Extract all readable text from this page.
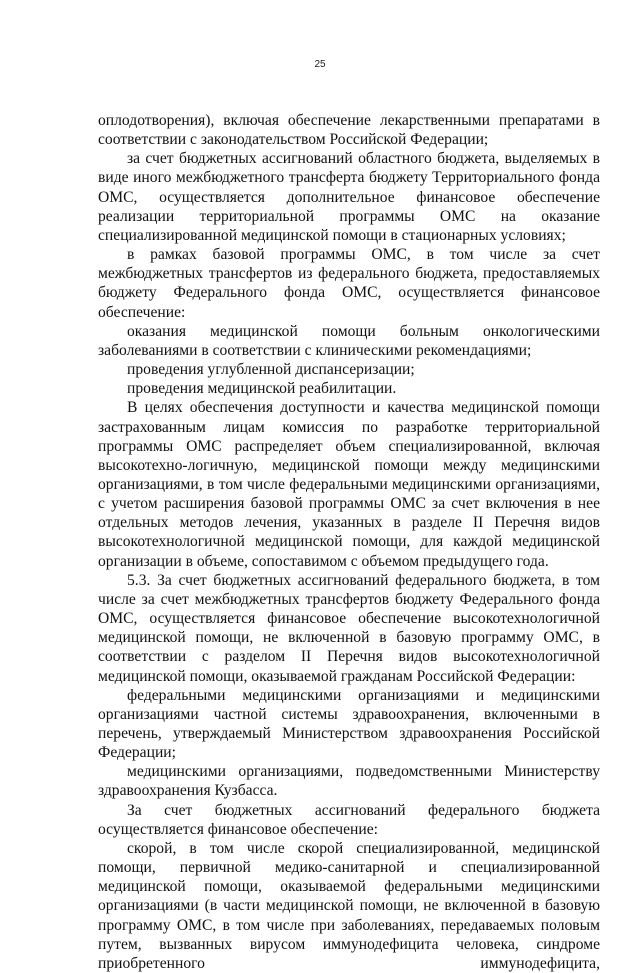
25

оплодотворения), включая обеспечение лекарственными препаратами в соответствии с законодательством Российской Федерации;

за счет бюджетных ассигнований областного бюджета, выделяемых в виде иного межбюджетного трансферта бюджету Территориального фонда ОМС, осуществляется дополнительное финансовое обеспечение реализации территориальной программы ОМС на оказание специализированной медицинской помощи в стационарных условиях;

в рамках базовой программы ОМС, в том числе за счет межбюджетных трансфертов из федерального бюджета, предоставляемых бюджету Федерального фонда ОМС, осуществляется финансовое обеспечение:

оказания медицинской помощи больным онкологическими заболеваниями в соответствии с клиническими рекомендациями;

проведения углубленной диспансеризации;

проведения медицинской реабилитации.

В целях обеспечения доступности и качества медицинской помощи застрахованным лицам комиссия по разработке территориальной программы ОМС распределяет объем специализированной, включая высокотехно-логичную, медицинской помощи между медицинскими организациями, в том числе федеральными медицинскими организациями, с учетом расширения базовой программы ОМС за счет включения в нее отдельных методов лечения, указанных в разделе II Перечня видов высокотехнологичной медицинской помощи, для каждой медицинской организации в объеме, сопоставимом с объемом предыдущего года.

5.3. За счет бюджетных ассигнований федерального бюджета, в том числе за счет межбюджетных трансфертов бюджету Федерального фонда ОМС, осуществляется финансовое обеспечение высокотехнологичной медицинской помощи, не включенной в базовую программу ОМС, в соответствии с разделом II Перечня видов высокотехнологичной медицинской помощи, оказываемой гражданам Российской Федерации:

федеральными медицинскими организациями и медицинскими организациями частной системы здравоохранения, включенными в перечень, утверждаемый Министерством здравоохранения Российской Федерации;

медицинскими организациями, подведомственными Министерству здравоохранения Кузбасса.

За счет бюджетных ассигнований федерального бюджета осуществляется финансовое обеспечение:

скорой, в том числе скорой специализированной, медицинской помощи, первичной медико-санитарной и специализированной медицинской помощи, оказываемой федеральными медицинскими организациями (в части медицинской помощи, не включенной в базовую программу ОМС, в том числе при заболеваниях, передаваемых половым путем, вызванных вирусом иммунодефицита человека, синдроме приобретенного иммунодефицита,
